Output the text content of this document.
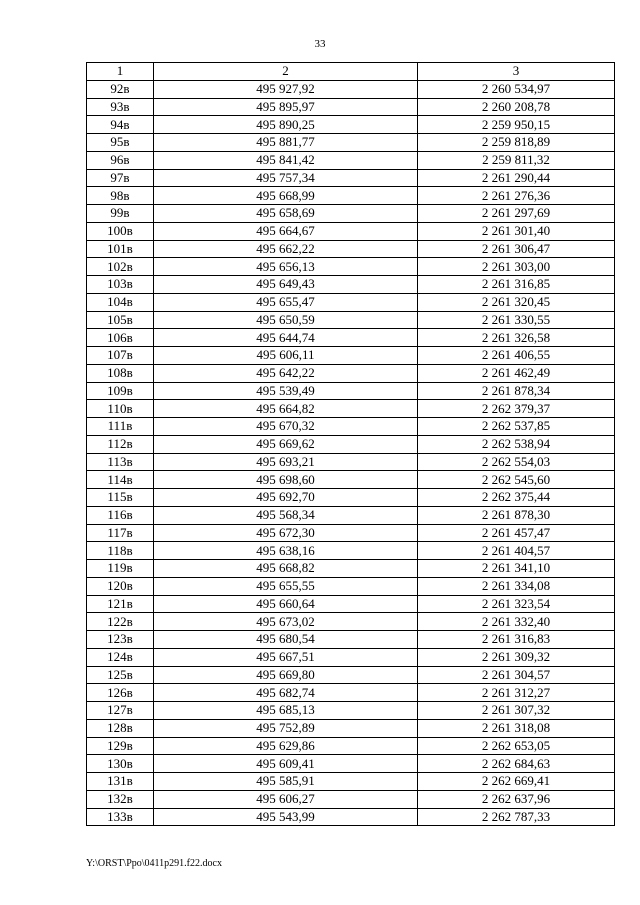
33
1	2	3
92в	495 927,92	2 260 534,97
93в	495 895,97	2 260 208,78
94в	495 890,25	2 259 950,15
95в	495 881,77	2 259 818,89
96в	495 841,42	2 259 811,32
97в	495 757,34	2 261 290,44
98в	495 668,99	2 261 276,36
99в	495 658,69	2 261 297,69
100в	495 664,67	2 261 301,40
101в	495 662,22	2 261 306,47
102в	495 656,13	2 261 303,00
103в	495 649,43	2 261 316,85
104в	495 655,47	2 261 320,45
105в	495 650,59	2 261 330,55
106в	495 644,74	2 261 326,58
107в	495 606,11	2 261 406,55
108в	495 642,22	2 261 462,49
109в	495 539,49	2 261 878,34
110в	495 664,82	2 262 379,37
111в	495 670,32	2 262 537,85
112в	495 669,62	2 262 538,94
113в	495 693,21	2 262 554,03
114в	495 698,60	2 262 545,60
115в	495 692,70	2 262 375,44
116в	495 568,34	2 261 878,30
117в	495 672,30	2 261 457,47
118в	495 638,16	2 261 404,57
119в	495 668,82	2 261 341,10
120в	495 655,55	2 261 334,08
121в	495 660,64	2 261 323,54
122в	495 673,02	2 261 332,40
123в	495 680,54	2 261 316,83
124в	495 667,51	2 261 309,32
125в	495 669,80	2 261 304,57
126в	495 682,74	2 261 312,27
127в	495 685,13	2 261 307,32
128в	495 752,89	2 261 318,08
129в	495 629,86	2 262 653,05
130в	495 609,41	2 262 684,63
131в	495 585,91	2 262 669,41
132в	495 606,27	2 262 637,96
133в	495 543,99	2 262 787,33
Y:\ORST\Ppo\0411p291.f22.docx
